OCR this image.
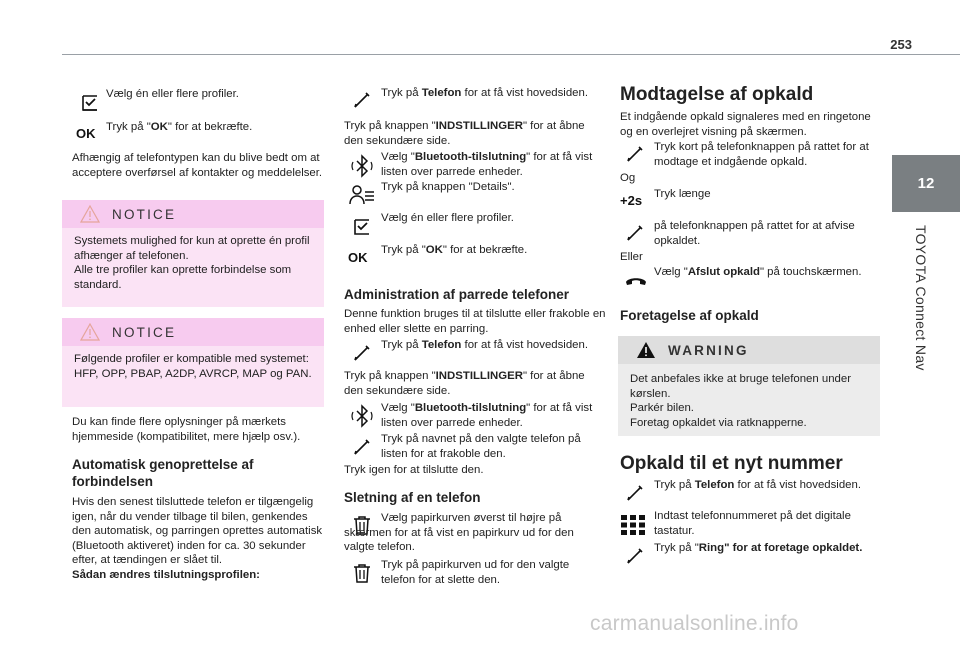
253
12
TOYOTA Connect Nav
Vælg én eller flere profiler.
OK Tryk på "OK" for at bekræfte.
Afhængig af telefontypen kan du blive bedt om at acceptere overførsel af kontakter og meddelelser.
NOTICE
Systemets mulighed for kun at oprette én profil afhænger af telefonen.
Alle tre profiler kan oprette forbindelse som standard.
NOTICE
Følgende profiler er kompatible med systemet: HFP, OPP, PBAP, A2DP, AVRCP, MAP og PAN.
Du kan finde flere oplysninger på mærkets hjemmeside (kompatibilitet, mere hjælp osv.).
Automatisk genoprettelse af forbindelsen
Hvis den senest tilsluttede telefon er tilgængelig igen, når du vender tilbage til bilen, genkendes den automatisk, og parringen oprettes automatisk (Bluetooth aktiveret) inden for ca. 30 sekunder efter, at tændingen er slået til.
Sådan ændres tilslutningsprofilen:
Tryk på Telefon for at få vist hovedsiden.
Tryk på knappen "INDSTILLINGER" for at åbne den sekundære side.
Vælg "Bluetooth-tilslutning" for at få vist listen over parrede enheder.
Tryk på knappen "Details".
Vælg én eller flere profiler.
OK Tryk på "OK" for at bekræfte.
Administration af parrede telefoner
Denne funktion bruges til at tilslutte eller frakoble en enhed eller slette en parring.
Tryk på Telefon for at få vist hovedsiden.
Tryk på knappen "INDSTILLINGER" for at åbne den sekundære side.
Vælg "Bluetooth-tilslutning" for at få vist listen over parrede enheder.
Tryk på navnet på den valgte telefon på listen for at frakoble den.
Tryk igen for at tilslutte den.
Sletning af en telefon
Vælg papirkurven øverst til højre på skærmen for at få vist en papirkurv ud for den valgte telefon.
Tryk på papirkurven ud for den valgte telefon for at slette den.
Modtagelse af opkald
Et indgående opkald signaleres med en ringetone og en overlejret visning på skærmen.
Tryk kort på telefonknappen på rattet for at modtage et indgående opkald.
Og
+2s Tryk længe
på telefonknappen på rattet for at afvise opkaldet.
Eller
Vælg "Afslut opkald" på touchskærmen.
Foretagelse af opkald
WARNING
Det anbefales ikke at bruge telefonen under kørslen.
Parkér bilen.
Foretag opkaldet via ratknapperne.
Opkald til et nyt nummer
Tryk på Telefon for at få vist hovedsiden.
Indtast telefonnummeret på det digitale tastatur.
Tryk på "Ring" for at foretage opkaldet.
carmanualsonline.info
